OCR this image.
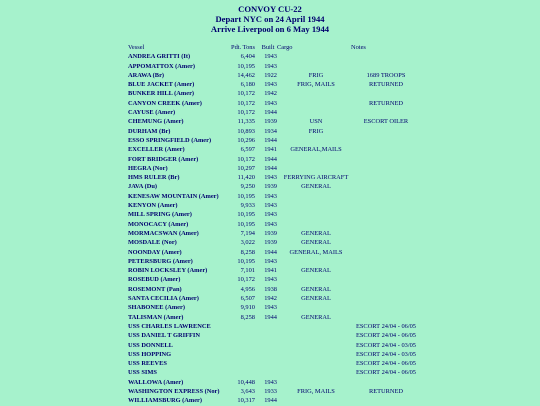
CONVOY CU-22
Depart NYC on 24 April 1944
Arrive Liverpool on 6 May 1944
Vessel	Pdt. Tons	Built	Cargo	Notes
ANDREA GRITTI (It)	6,404	1943		
APPOMATTOX (Amer)	10,195	1943		
ARAWA (Br)	14,462	1922	FRIG	1689 TROOPS
BLUE JACKET (Amer)	6,180	1943	FRIG, MAILS	RETURNED
BUNKER HILL (Amer)	10,172	1942		
CANYON CREEK (Amer)	10,172	1943		RETURNED
CAYUSE (Amer)	10,172	1944		
CHEMUNG (Amer)	11,335	1939	USN	ESCORT OILER
DURHAM (Br)	10,893	1934	FRIG	
ESSO SPRINGFIELD (Amer)	10,296	1944		
EXCELLER (Amer)	6,597	1941	GENERAL,MAILS	
FORT BRIDGER (Amer)	10,172	1944		
HEGRA (Nor)	10,297	1944		
HMS RULER (Br)	11,420	1943	FERRYING AIRCRAFT	
JAVA (Du)	9,250	1939	GENERAL	
KENESAW MOUNTAIN (Amer)	10,195	1943		
KENYON (Amer)	9,933	1943		
MILL SPRING (Amer)	10,195	1943		
MONOCACY (Amer)	10,195	1943		
MORMACSWAN (Amer)	7,194	1939	GENERAL	
MOSDALE (Nor)	3,022	1939	GENERAL	
NOONDAY (Amer)	8,258	1944	GENERAL, MAILS	
PETERSBURG (Amer)	10,195	1943		
ROBIN LOCKSLEY (Amer)	7,101	1941	GENERAL	
ROSEBUD (Amer)	10,172	1943		
ROSEMONT (Pan)	4,956	1938	GENERAL	
SANTA CECILIA (Amer)	6,507	1942	GENERAL	
SHABONEE (Amer)	9,910	1943		
TALISMAN (Amer)	8,258	1944	GENERAL	
USS CHARLES LAWRENCE				ESCORT 24/04 - 06/05
USS DANIEL T GRIFFIN				ESCORT 24/04 - 06/05
USS DONNELL				ESCORT 24/04 - 03/05
USS HOPPING				ESCORT 24/04 - 03/05
USS REEVES				ESCORT 24/04 - 06/05
USS SIMS				ESCORT 24/04 - 06/05
WALLOWA (Amer)	10,448	1943		
WASHINGTON EXPRESS (Nor)	3,643	1933	FRIG, MAILS	RETURNED
WILLIAMSBURG (Amer)	10,317	1944		
